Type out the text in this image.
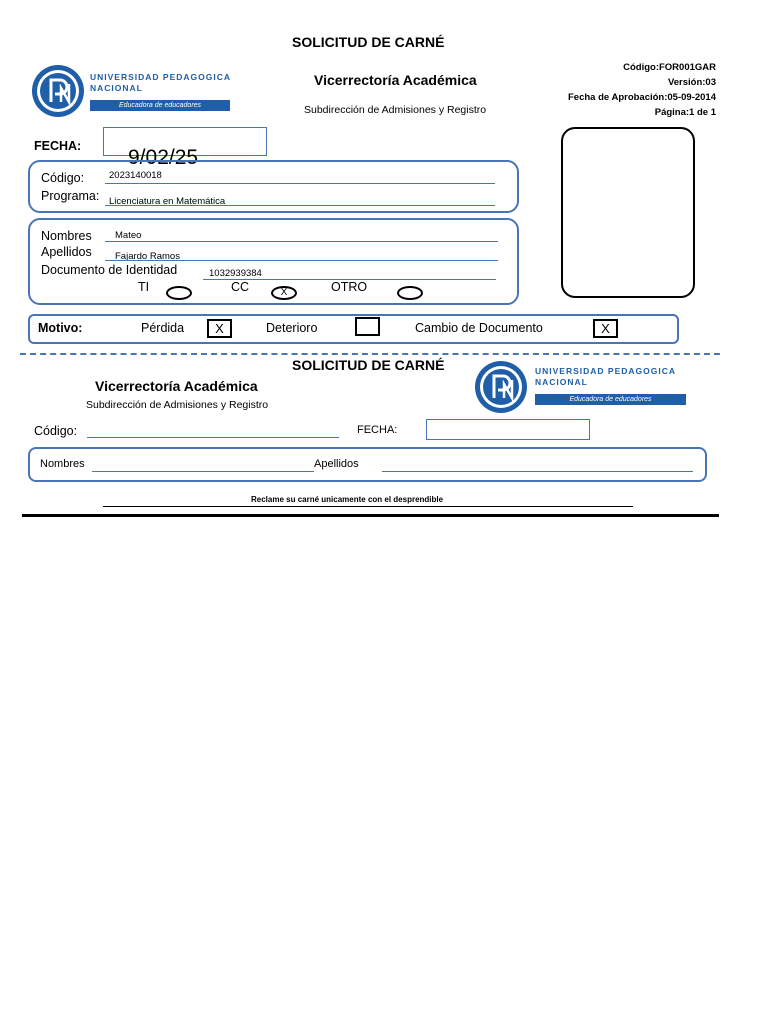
SOLICITUD DE CARNÉ
UNIVERSIDAD PEDAGOGICA
NACIONAL
Educadora de educadores
Vicerrectoría Académica
Subdirección de Admisiones y Registro
Código:FOR001GAR
Versión:03
Fecha de Aprobación:05-09-2014
Página:1 de 1
FECHA: 9/02/25
Código:	2023140018
Programa: Licenciatura en Matemática
Nombres Mateo
Apellidos Fajardo Ramos
Documento de Identidad	1032939384
TI	CC	X	OTRO
Motivo:	Pérdida	X	Deterioro	Cambio de Documento	X
SOLICITUD DE CARNÉ
Vicerrectoría Académica
Subdirección de Admisiones y Registro
UNIVERSIDAD PEDAGOGICA
NACIONAL
Educadora de educadores
Código:	FECHA:
Nombres	Apellidos
Reclame su carné unicamente con el desprendible
